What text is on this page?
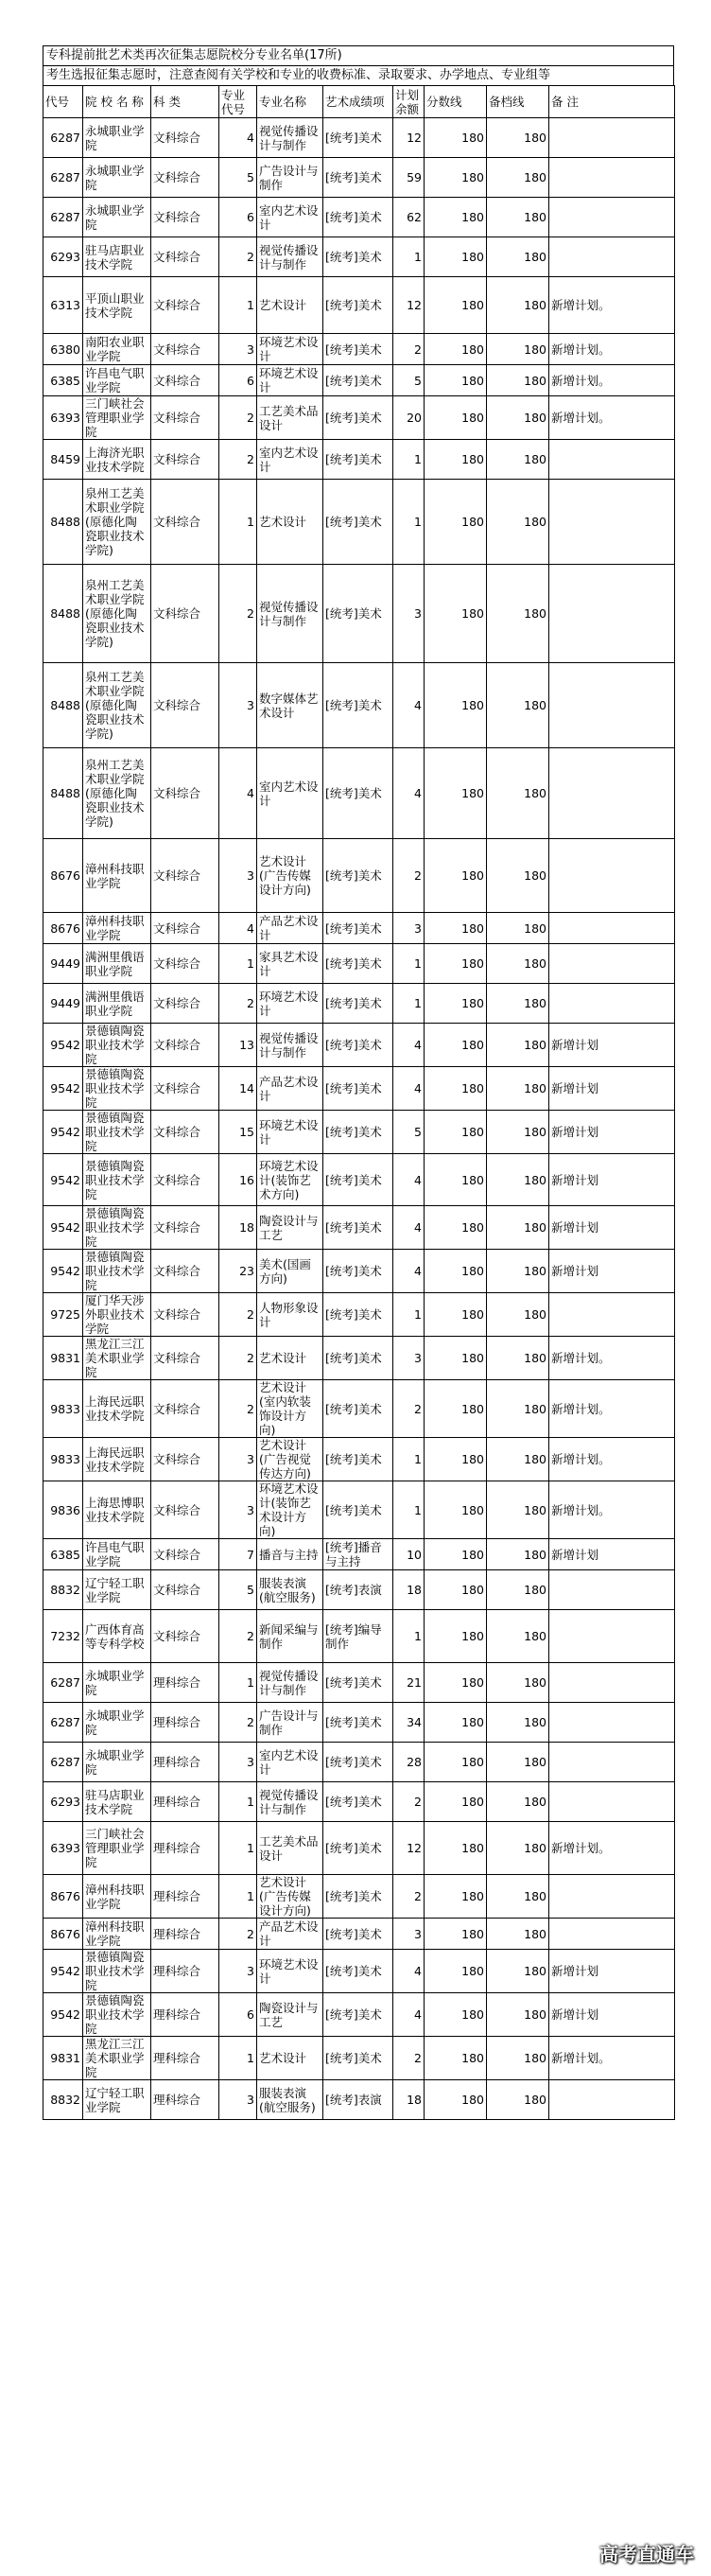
专科提前批艺术类再次征集志愿院校分专业名单(17所)
考生选报征集志愿时，注意查阅有关学校和专业的收费标准、录取要求、办学地点、专业组等
代号	院 校 名 称	科 类	专业代号	专业名称	艺术成绩项	计划余额	分数线	备档线	备 注
6287	永城职业学院	文科综合	4	视觉传播设计与制作	[统考]美术	12	180	180	
6287	永城职业学院	文科综合	5	广告设计与制作	[统考]美术	59	180	180	
6287	永城职业学院	文科综合	6	室内艺术设计	[统考]美术	62	180	180	
6293	驻马店职业技术学院	文科综合	2	视觉传播设计与制作	[统考]美术	1	180	180	
6313	平顶山职业技术学院	文科综合	1	艺术设计	[统考]美术	12	180	180	新增计划。
6380	南阳农业职业学院	文科综合	3	环境艺术设计	[统考]美术	2	180	180	新增计划。
6385	许昌电气职业学院	文科综合	6	环境艺术设计	[统考]美术	5	180	180	新增计划。
6393	三门峡社会管理职业学院	文科综合	2	工艺美术品设计	[统考]美术	20	180	180	新增计划。
8459	上海济光职业技术学院	文科综合	2	室内艺术设计	[统考]美术	1	180	180	
8488	泉州工艺美术职业学院(原德化陶瓷职业技术学院)	文科综合	1	艺术设计	[统考]美术	1	180	180	
8488	泉州工艺美术职业学院(原德化陶瓷职业技术学院)	文科综合	2	视觉传播设计与制作	[统考]美术	3	180	180	
8488	泉州工艺美术职业学院(原德化陶瓷职业技术学院)	文科综合	3	数字媒体艺术设计	[统考]美术	4	180	180	
8488	泉州工艺美术职业学院(原德化陶瓷职业技术学院)	文科综合	4	室内艺术设计	[统考]美术	4	180	180	
8676	漳州科技职业学院	文科综合	3	艺术设计(广告传媒设计方向)	[统考]美术	2	180	180	
8676	漳州科技职业学院	文科综合	4	产品艺术设计	[统考]美术	3	180	180	
9449	满洲里俄语职业学院	文科综合	1	家具艺术设计	[统考]美术	1	180	180	
9449	满洲里俄语职业学院	文科综合	2	环境艺术设计	[统考]美术	1	180	180	
9542	景德镇陶瓷职业技术学院	文科综合	13	视觉传播设计与制作	[统考]美术	4	180	180	新增计划
9542	景德镇陶瓷职业技术学院	文科综合	14	产品艺术设计	[统考]美术	4	180	180	新增计划
9542	景德镇陶瓷职业技术学院	文科综合	15	环境艺术设计	[统考]美术	5	180	180	新增计划
9542	景德镇陶瓷职业技术学院	文科综合	16	环境艺术设计(装饰艺术方向)	[统考]美术	4	180	180	新增计划
9542	景德镇陶瓷职业技术学院	文科综合	18	陶瓷设计与工艺	[统考]美术	4	180	180	新增计划
9542	景德镇陶瓷职业技术学院	文科综合	23	美术(国画方向)	[统考]美术	4	180	180	新增计划
9725	厦门华天涉外职业技术学院	文科综合	2	人物形象设计	[统考]美术	1	180	180	
9831	黑龙江三江美术职业学院	文科综合	2	艺术设计	[统考]美术	3	180	180	新增计划。
9833	上海民远职业技术学院	文科综合	2	艺术设计(室内软装饰设计方向)	[统考]美术	2	180	180	新增计划。
9833	上海民远职业技术学院	文科综合	3	艺术设计(广告视觉传达方向)	[统考]美术	1	180	180	新增计划。
9836	上海思博职业技术学院	文科综合	3	环境艺术设计(装饰艺术设计方向)	[统考]美术	1	180	180	新增计划。
6385	许昌电气职业学院	文科综合	7	播音与主持	[统考]播音与主持	10	180	180	新增计划
8832	辽宁轻工职业学院	文科综合	5	服装表演(航空服务)	[统考]表演	18	180	180	
7232	广西体育高等专科学校	文科综合	2	新闻采编与制作	[统考]编导制作	1	180	180	
6287	永城职业学院	理科综合	1	视觉传播设计与制作	[统考]美术	21	180	180	
6287	永城职业学院	理科综合	2	广告设计与制作	[统考]美术	34	180	180	
6287	永城职业学院	理科综合	3	室内艺术设计	[统考]美术	28	180	180	
6293	驻马店职业技术学院	理科综合	1	视觉传播设计与制作	[统考]美术	2	180	180	
6393	三门峡社会管理职业学院	理科综合	1	工艺美术品设计	[统考]美术	12	180	180	新增计划。
8676	漳州科技职业学院	理科综合	1	艺术设计(广告传媒设计方向)	[统考]美术	2	180	180	
8676	漳州科技职业学院	理科综合	2	产品艺术设计	[统考]美术	3	180	180	
9542	景德镇陶瓷职业技术学院	理科综合	3	环境艺术设计	[统考]美术	4	180	180	新增计划
9542	景德镇陶瓷职业技术学院	理科综合	6	陶瓷设计与工艺	[统考]美术	4	180	180	新增计划
9831	黑龙江三江美术职业学院	理科综合	1	艺术设计	[统考]美术	2	180	180	新增计划。
8832	辽宁轻工职业学院	理科综合	3	服装表演(航空服务)	[统考]表演	18	180	180	
高考直通车
